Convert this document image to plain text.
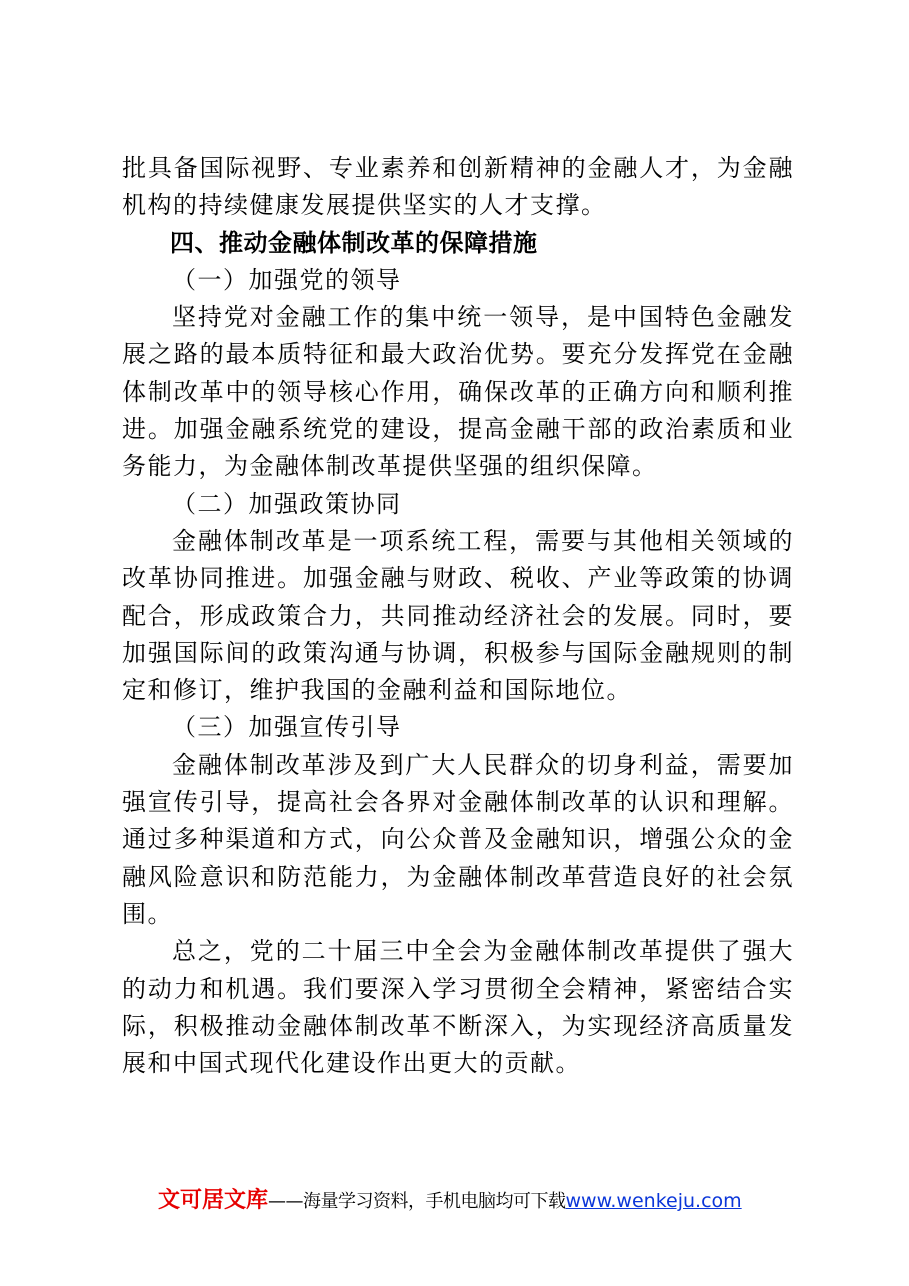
批具备国际视野、专业素养和创新精神的金融人才，为金融机构的持续健康发展提供坚实的人才支撑。

四、推动金融体制改革的保障措施

（一）加强党的领导

坚持党对金融工作的集中统一领导，是中国特色金融发展之路的最本质特征和最大政治优势。要充分发挥党在金融体制改革中的领导核心作用，确保改革的正确方向和顺利推进。加强金融系统党的建设，提高金融干部的政治素质和业务能力，为金融体制改革提供坚强的组织保障。

（二）加强政策协同

金融体制改革是一项系统工程，需要与其他相关领域的改革协同推进。加强金融与财政、税收、产业等政策的协调配合，形成政策合力，共同推动经济社会的发展。同时，要加强国际间的政策沟通与协调，积极参与国际金融规则的制定和修订，维护我国的金融利益和国际地位。

（三）加强宣传引导

金融体制改革涉及到广大人民群众的切身利益，需要加强宣传引导，提高社会各界对金融体制改革的认识和理解。通过多种渠道和方式，向公众普及金融知识，增强公众的金融风险意识和防范能力，为金融体制改革营造良好的社会氛围。

总之，党的二十届三中全会为金融体制改革提供了强大的动力和机遇。我们要深入学习贯彻全会精神，紧密结合实际，积极推动金融体制改革不断深入，为实现经济高质量发展和中国式现代化建设作出更大的贡献。

文可居文库——海量学习资料，手机电脑均可下载www.wenkeju.com
